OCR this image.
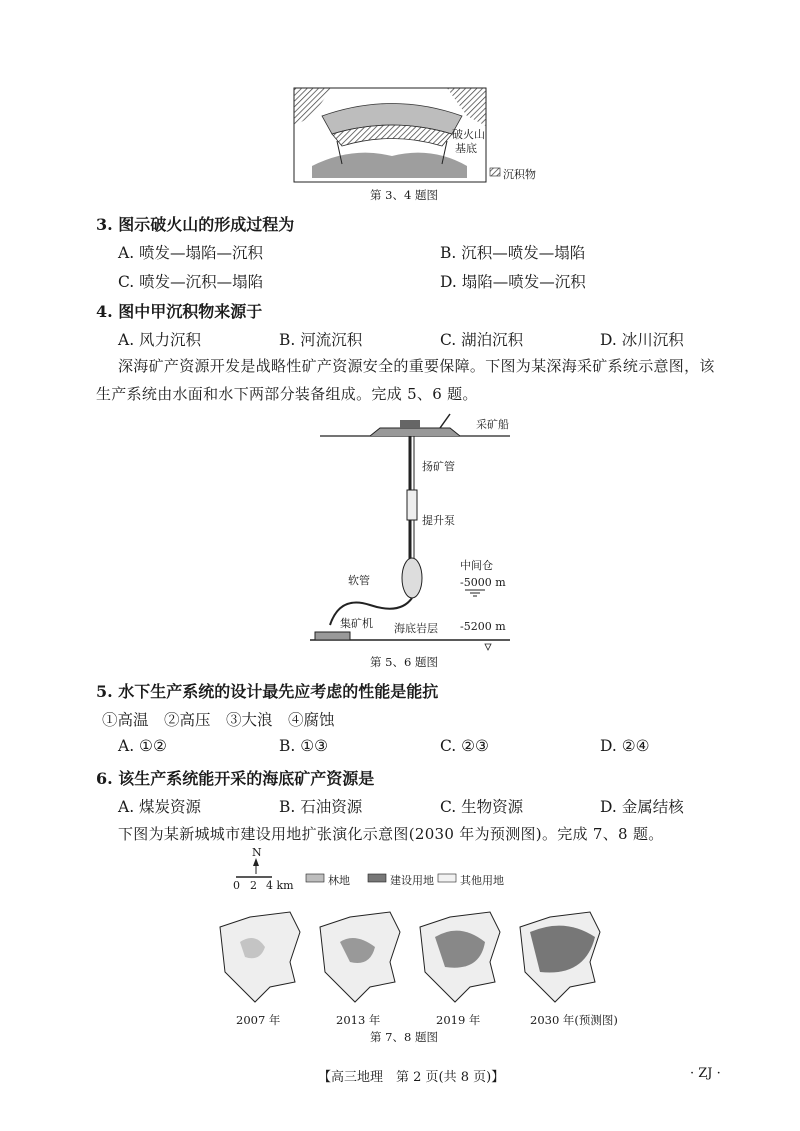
破火山
基底
沉积物
第 3、4 题图
3. 图示破火山的形成过程为
A. 喷发—塌陷—沉积	B. 沉积—喷发—塌陷
C. 喷发—沉积—塌陷	D. 塌陷—喷发—沉积
4. 图中甲沉积物来源于
A. 风力沉积	B. 河流沉积	C. 湖泊沉积	D. 冰川沉积
深海矿产资源开发是战略性矿产资源安全的重要保障。下图为某深海采矿系统示意图，该
生产系统由水面和水下两部分装备组成。完成 5、6 题。
采矿船
扬矿管
提升泵
中间仓
-5000 m
软管
集矿机 海底岩层 -5200 m
第 5、6 题图
5. 水下生产系统的设计最先应考虑的性能是能抗
①高温　②高压　③大浪　④腐蚀
A. ①②	B. ①③	C. ②③	D. ②④
6. 该生产系统能开采的海底矿产资源是
A. 煤炭资源	B. 石油资源	C. 生物资源	D. 金属结核
下图为某新城城市建设用地扩张演化示意图(2030 年为预测图)。完成 7、8 题。
N
0 2 4 km	林地	建设用地 其他用地
2007 年	2013 年	2019 年	2030 年(预测图)
第 7、8 题图
【高三地理　第 2 页(共 8 页)】	· ZJ ·
